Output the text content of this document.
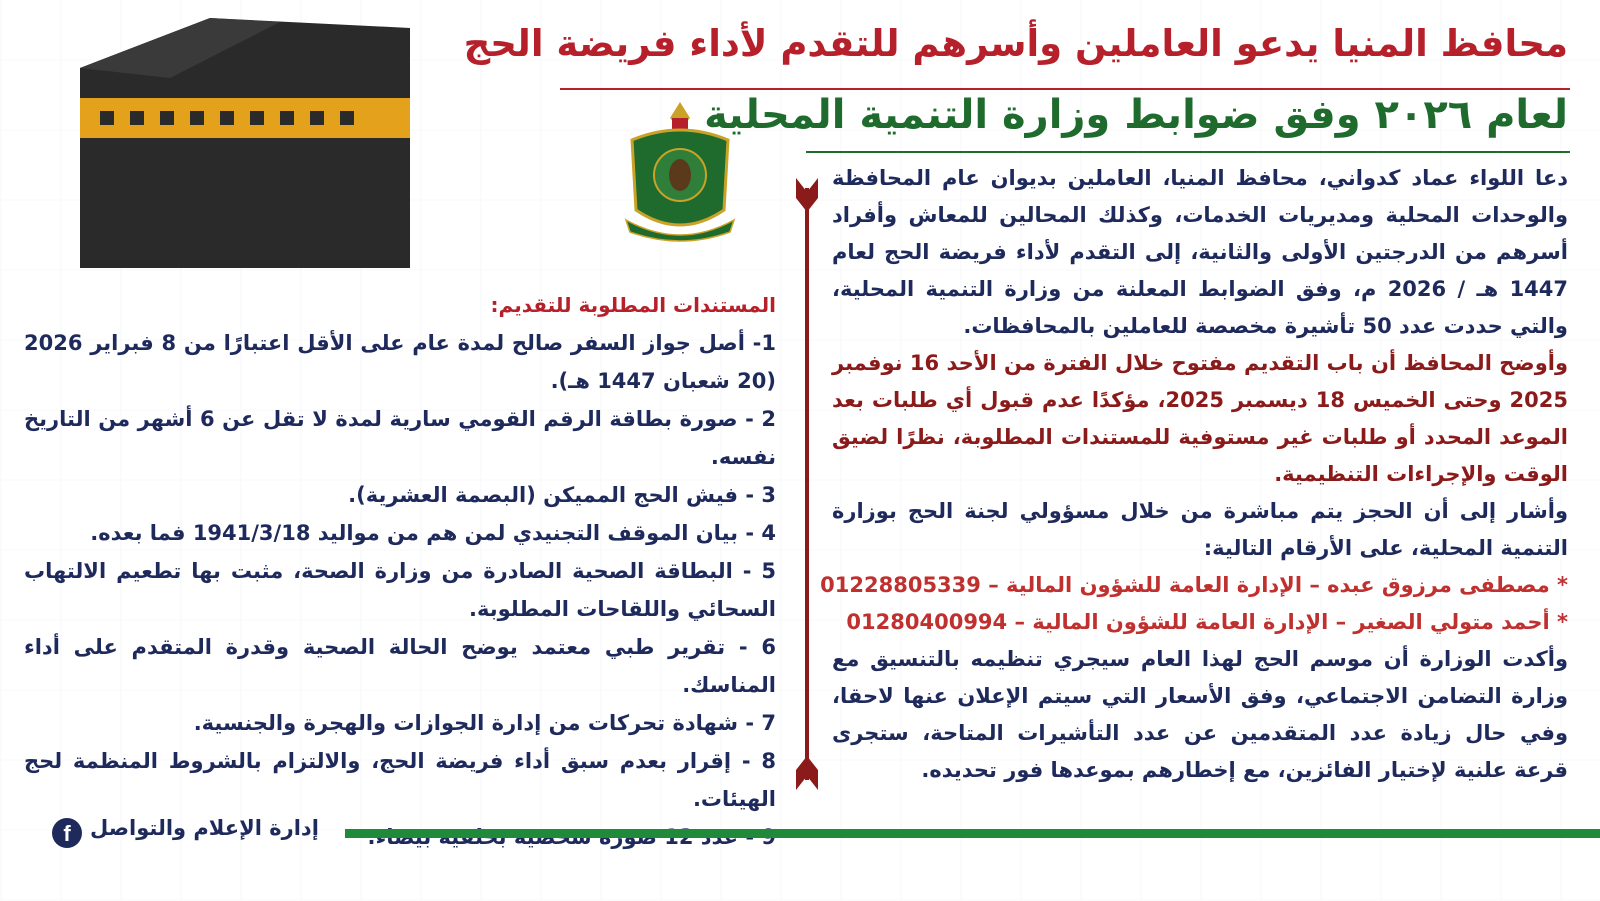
محافظ المنيا يدعو العاملين وأسرهم للتقدم لأداء فريضة الحج
لعام ٢٠٢٦ وفق ضوابط وزارة التنمية المحلية

دعا اللواء عماد كدواني، محافظ المنيا، العاملين بديوان عام المحافظة والوحدات المحلية ومديريات الخدمات، وكذلك المحالين للمعاش وأفراد أسرهم من الدرجتين الأولى والثانية، إلى التقدم لأداء فريضة الحج لعام 1447 هـ / 2026 م، وفق الضوابط المعلنة من وزارة التنمية المحلية، والتي حددت عدد 50 تأشيرة مخصصة للعاملين بالمحافظات.

وأوضح المحافظ أن باب التقديم مفتوح خلال الفترة من الأحد 16 نوفمبر 2025 وحتى الخميس 18 ديسمبر 2025، مؤكدًا عدم قبول أي طلبات بعد الموعد المحدد أو طلبات غير مستوفية للمستندات المطلوبة، نظرًا لضيق الوقت والإجراءات التنظيمية.

وأشار إلى أن الحجز يتم مباشرة من خلال مسؤولي لجنة الحج بوزارة التنمية المحلية، على الأرقام التالية:

* مصطفى مرزوق عبده – الإدارة العامة للشؤون المالية – 01228805339

* أحمد متولي الصغير – الإدارة العامة للشؤون المالية – 01280400994

وأكدت الوزارة أن موسم الحج لهذا العام سيجري تنظيمه بالتنسيق مع وزارة التضامن الاجتماعي، وفق الأسعار التي سيتم الإعلان عنها لاحقا، وفي حال زيادة عدد المتقدمين عن عدد التأشيرات المتاحة، ستجرى قرعة علنية لإختيار الفائزين، مع إخطارهم بموعدها فور تحديده.

المستندات المطلوبة للتقديم:
1- أصل جواز السفر صالح لمدة عام على الأقل اعتبارًا من 8 فبراير 2026 (20 شعبان 1447 هـ).
2 - صورة بطاقة الرقم القومي سارية لمدة لا تقل عن 6 أشهر من التاريخ نفسه.
3 - فيش الحج المميكن (البصمة العشرية).
4 - بيان الموقف التجنيدي لمن هم من مواليد 1941/3/18 فما بعده.
5 - البطاقة الصحية الصادرة من وزارة الصحة، مثبت بها تطعيم الالتهاب السحائي واللقاحات المطلوبة.
6 - تقرير طبي معتمد يوضح الحالة الصحية وقدرة المتقدم على أداء المناسك.
7 - شهادة تحركات من إدارة الجوازات والهجرة والجنسية.
8 - إقرار بعدم سبق أداء فريضة الحج، والالتزام بالشروط المنظمة لحج الهيئات.
إدارة الإعلام والتواصل
f
